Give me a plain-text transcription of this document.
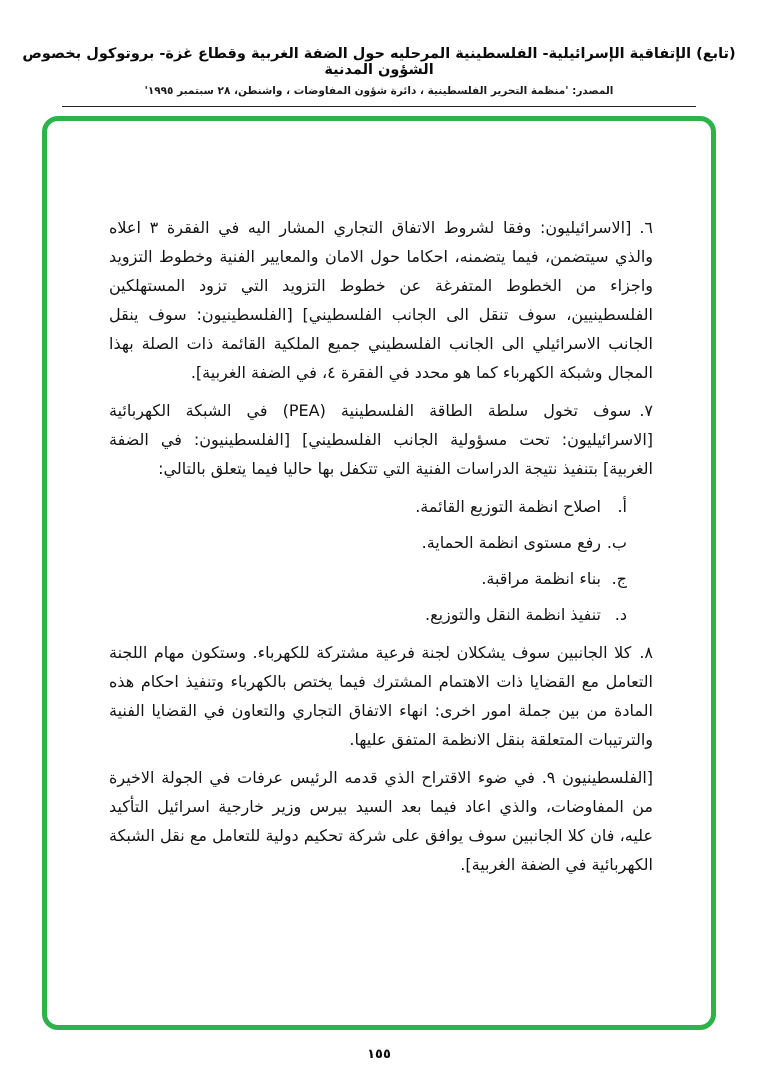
(تابع) الإتفاقية الإسرائيلية- الفلسطينية المرحليه حول الضفة الغربية وقطاع غزة- بروتوكول بخصوص الشؤون المدنية
المصدر: 'منظمة التحرير الفلسطينية ، دائرة شؤون المفاوضات ، واشنطن، ٢٨ سبتمبر ١٩٩٥'

٦.[الاسرائيليون: وفقا لشروط الاتفاق التجاري المشار اليه في الفقرة ٣ اعلاه والذي سيتضمن، فيما يتضمنه، احكاما حول الامان والمعايير الفنية وخطوط التزويد واجزاء من الخطوط المتفرغة عن خطوط التزويد التي تزود المستهلكين الفلسطينيين، سوف تنقل الى الجانب الفلسطيني] [الفلسطينيون: سوف ينقل الجانب الاسرائيلي الى الجانب الفلسطيني جميع الملكية القائمة ذات الصلة بهذا المجال وشبكة الكهرباء كما هو محدد في الفقرة ٤، في الضفة الغربية].

٧.سوف تخول سلطة الطاقة الفلسطينية (PEA) في الشبكة الكهربائية [الاسرائيليون: تحت مسؤولية الجانب الفلسطيني] [الفلسطينيون: في الضفة الغربية] بتنفيذ نتيجة الدراسات الفنية التي تتكفل بها حاليا فيما يتعلق بالتالي:

أ.اصلاح انظمة التوزيع القائمة.

ب.رفع مستوى انظمة الحماية.

ج.بناء انظمة مراقبة.

د.تنفيذ انظمة النقل والتوزيع.

٨.كلا الجانبين سوف يشكلان لجنة فرعية مشتركة للكهرباء. وستكون مهام اللجنة التعامل مع القضايا ذات الاهتمام المشترك فيما يختص بالكهرباء وتنفيذ احكام هذه المادة من بين جملة امور اخرى: انهاء الاتفاق التجاري والتعاون في القضايا الفنية والترتيبات المتعلقة بنقل الانظمة المتفق عليها.

[الفلسطينيون ٩. في ضوء الاقتراح الذي قدمه الرئيس عرفات في الجولة الاخيرة من المفاوضات، والذي اعاد فيما بعد السيد بيرس وزير خارجية اسرائيل التأكيد عليه، فان كلا الجانبين سوف يوافق على شركة تحكيم دولية للتعامل مع نقل الشبكة الكهربائية في الضفة الغربية].

١٥٥
